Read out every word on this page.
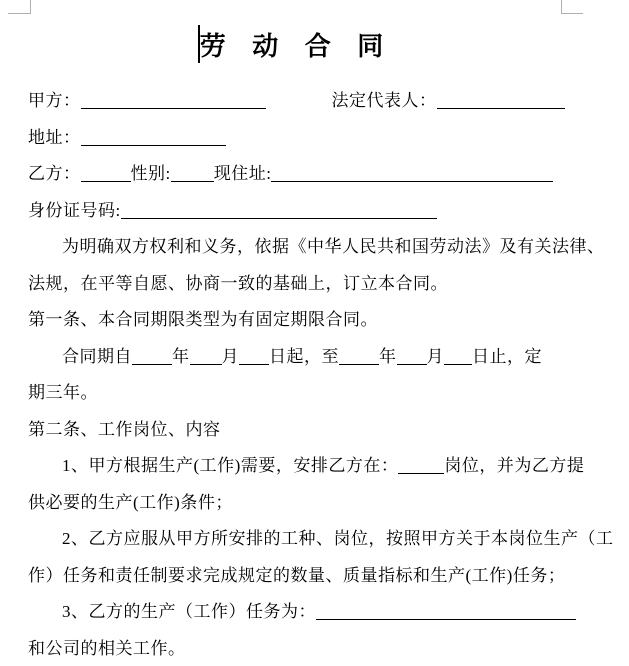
劳 动 合 同
甲方：	法定代表人：
地址：
乙方：	性别:	现住址:
身份证号码:
为明确双方权利和义务，依据《中华人民共和国劳动法》及有关法律、
法规，在平等自愿、协商一致的基础上，订立本合同。
第一条、本合同期限类型为有固定期限合同。
合同期自 年 月 日起，至 年 月 日止，定
期三年。
第二条、工作岗位、内容
1、甲方根据生产(工作)需要，安排乙方在：	岗位，并为乙方提
供必要的生产(工作)条件；
2、乙方应服从甲方所安排的工种、岗位，按照甲方关于本岗位生产（工
作）任务和责任制要求完成规定的数量、质量指标和生产(工作)任务；
3、乙方的生产（工作）任务为：
和公司的相关工作。
